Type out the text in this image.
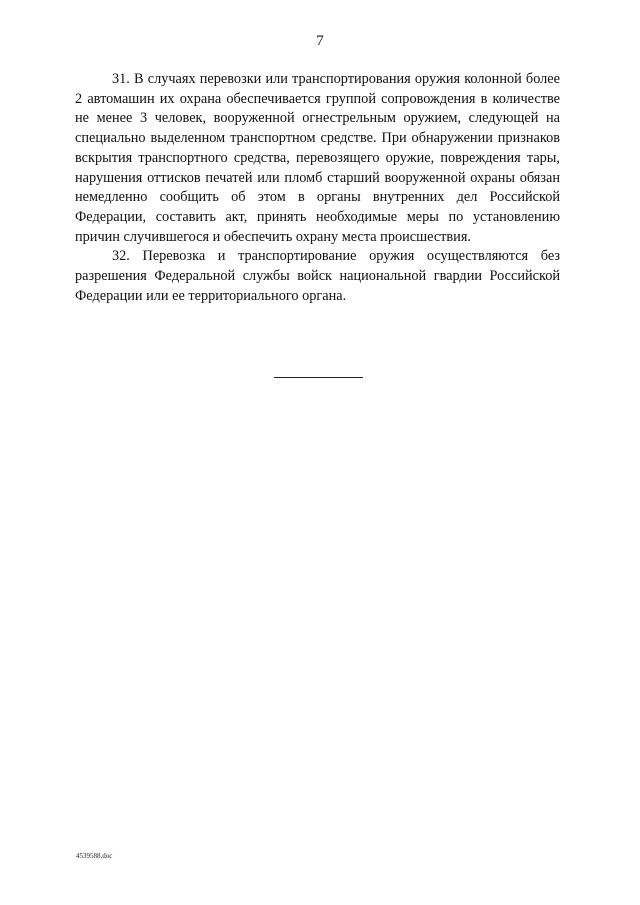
7

31. В случаях перевозки или транспортирования оружия колонной более 2 автомашин их охрана обеспечивается группой сопровождения в количестве не менее 3 человек, вооруженной огнестрельным оружием, следующей на специально выделенном транспортном средстве. При обнаружении признаков вскрытия транспортного средства, перевозящего оружие, повреждения тары, нарушения оттисков печатей или пломб старший вооруженной охраны обязан немедленно сообщить об этом в органы внутренних дел Российской Федерации, составить акт, принять необходимые меры по установлению причин случившегося и обеспечить охрану места происшествия.

32. Перевозка и транспортирование оружия осуществляются без разрешения Федеральной службы войск национальной гвардии Российской Федерации или ее территориального органа.

4539588.doc
